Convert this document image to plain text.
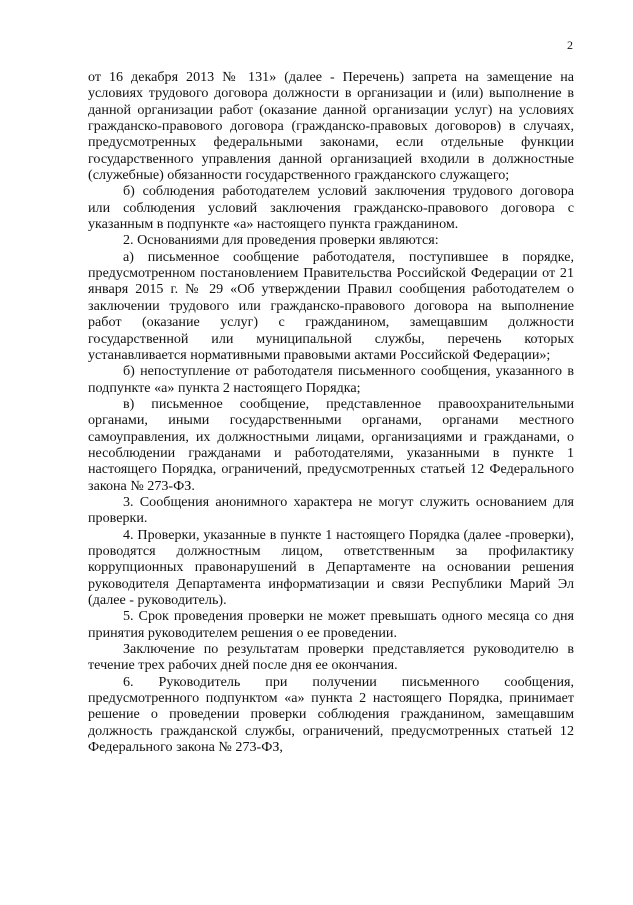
2

от 16 декабря 2013 № 131» (далее - Перечень) запрета на замещение на условиях трудового договора должности в организации и (или) выполнение в данной организации работ (оказание данной организации услуг) на условиях гражданско-правового договора (гражданско-правовых договоров) в случаях, предусмотренных федеральными законами, если отдельные функции государственного управления данной организацией входили в должностные (служебные) обязанности государственного гражданского служащего;

б) соблюдения работодателем условий заключения трудового договора или соблюдения условий заключения гражданско-правового договора с указанным в подпункте «а» настоящего пункта гражданином.

2. Основаниями для проведения проверки являются:

а) письменное сообщение работодателя, поступившее в порядке, предусмотренном постановлением Правительства Российской Федерации от 21 января 2015 г. № 29 «Об утверждении Правил сообщения работодателем о заключении трудового или гражданско-правового договора на выполнение работ (оказание услуг) с гражданином, замещавшим должности государственной или муниципальной службы, перечень которых устанавливается нормативными правовыми актами Российской Федерации»;

б) непоступление от работодателя письменного сообщения, указанного в подпункте «а» пункта 2 настоящего Порядка;

в) письменное сообщение, представленное правоохранительными органами, иными государственными органами, органами местного самоуправления, их должностными лицами, организациями и гражданами, о несоблюдении гражданами и работодателями, указанными в пункте 1 настоящего Порядка, ограничений, предусмотренных статьей 12 Федерального закона № 273-ФЗ.

3. Сообщения анонимного характера не могут служить основанием для проверки.

4. Проверки, указанные в пункте 1 настоящего Порядка (далее -проверки), проводятся должностным лицом, ответственным за профилактику коррупционных правонарушений в Департаменте на основании решения руководителя Департамента информатизации и связи Республики Марий Эл (далее - руководитель).

5. Срок проведения проверки не может превышать одного месяца со дня принятия руководителем решения о ее проведении.

Заключение по результатам проверки представляется руководителю в течение трех рабочих дней после дня ее окончания.

6. Руководитель при получении письменного сообщения, предусмотренного подпунктом «а» пункта 2 настоящего Порядка, принимает решение о проведении проверки соблюдения гражданином, замещавшим должность гражданской службы, ограничений, предусмотренных статьей 12 Федерального закона № 273-ФЗ,
